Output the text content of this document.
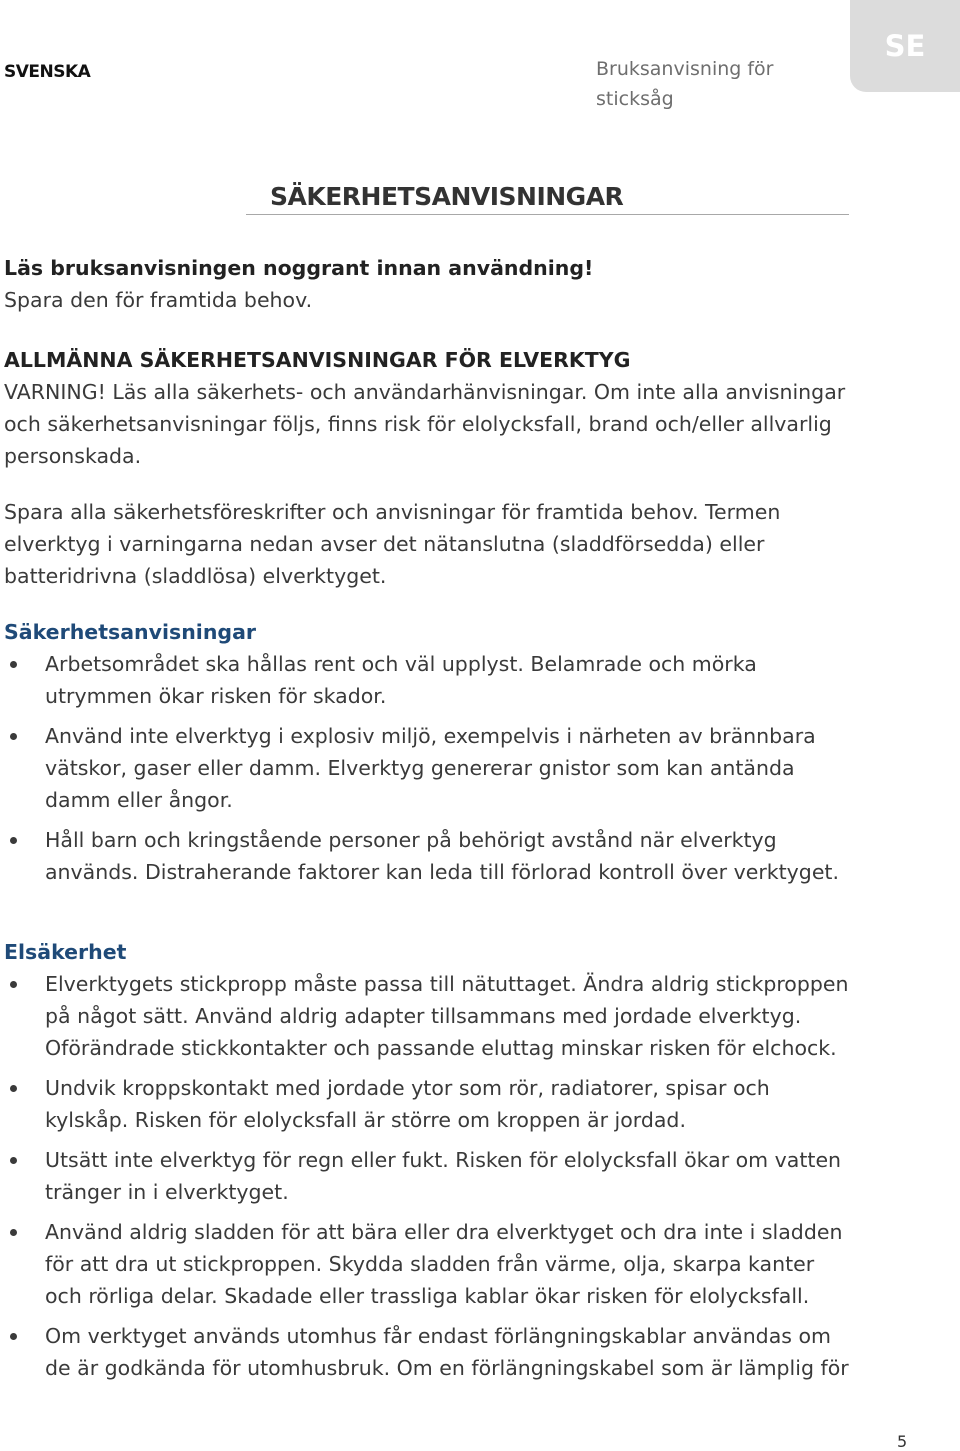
SVENSKA	Bruksanvisning för sticksåg
SE
SÄKERHETSANVISNINGAR

Läs bruksanvisningen noggrant innan användning!

Spara den för framtida behov.

ALLMÄNNA SÄKERHETSANVISNINGAR FÖR ELVERKTYG

VARNING! Läs alla säkerhets- och användarhänvisningar. Om inte alla anvisningar och säkerhetsanvisningar följs, finns risk för elolycksfall, brand och/eller allvarlig personskada.

Spara alla säkerhetsföreskrifter och anvisningar för framtida behov. Termen elverktyg i varningarna nedan avser det nätanslutna (sladdförsedda) eller batteridrivna (sladdlösa) elverktyget.

Säkerhetsanvisningar

Arbetsområdet ska hållas rent och väl upplyst. Belamrade och mörka utrymmen ökar risken för skador.
Använd inte elverktyg i explosiv miljö, exempelvis i närheten av brännbara vätskor, gaser eller damm. Elverktyg genererar gnistor som kan antända damm eller ångor.
Håll barn och kringstående personer på behörigt avstånd när elverktyg används. Distraherande faktorer kan leda till förlorad kontroll över verktyget.

Elsäkerhet

Elverktygets stickpropp måste passa till nätuttaget. Ändra aldrig stickproppen på något sätt. Använd aldrig adapter tillsammans med jordade elverktyg. Oförändrade stickkontakter och passande eluttag minskar risken för elchock.
Undvik kroppskontakt med jordade ytor som rör, radiatorer, spisar och kylskåp. Risken för elolycksfall är större om kroppen är jordad.
Utsätt inte elverktyg för regn eller fukt. Risken för elolycksfall ökar om vatten tränger in i elverktyget.
Använd aldrig sladden för att bära eller dra elverktyget och dra inte i sladden för att dra ut stickproppen. Skydda sladden från värme, olja, skarpa kanter och rörliga delar. Skadade eller trassliga kablar ökar risken för elolycksfall.
Om verktyget används utomhus får endast förlängningskablar användas om de är godkända för utomhusbruk. Om en förlängningskabel som är lämplig för
5
